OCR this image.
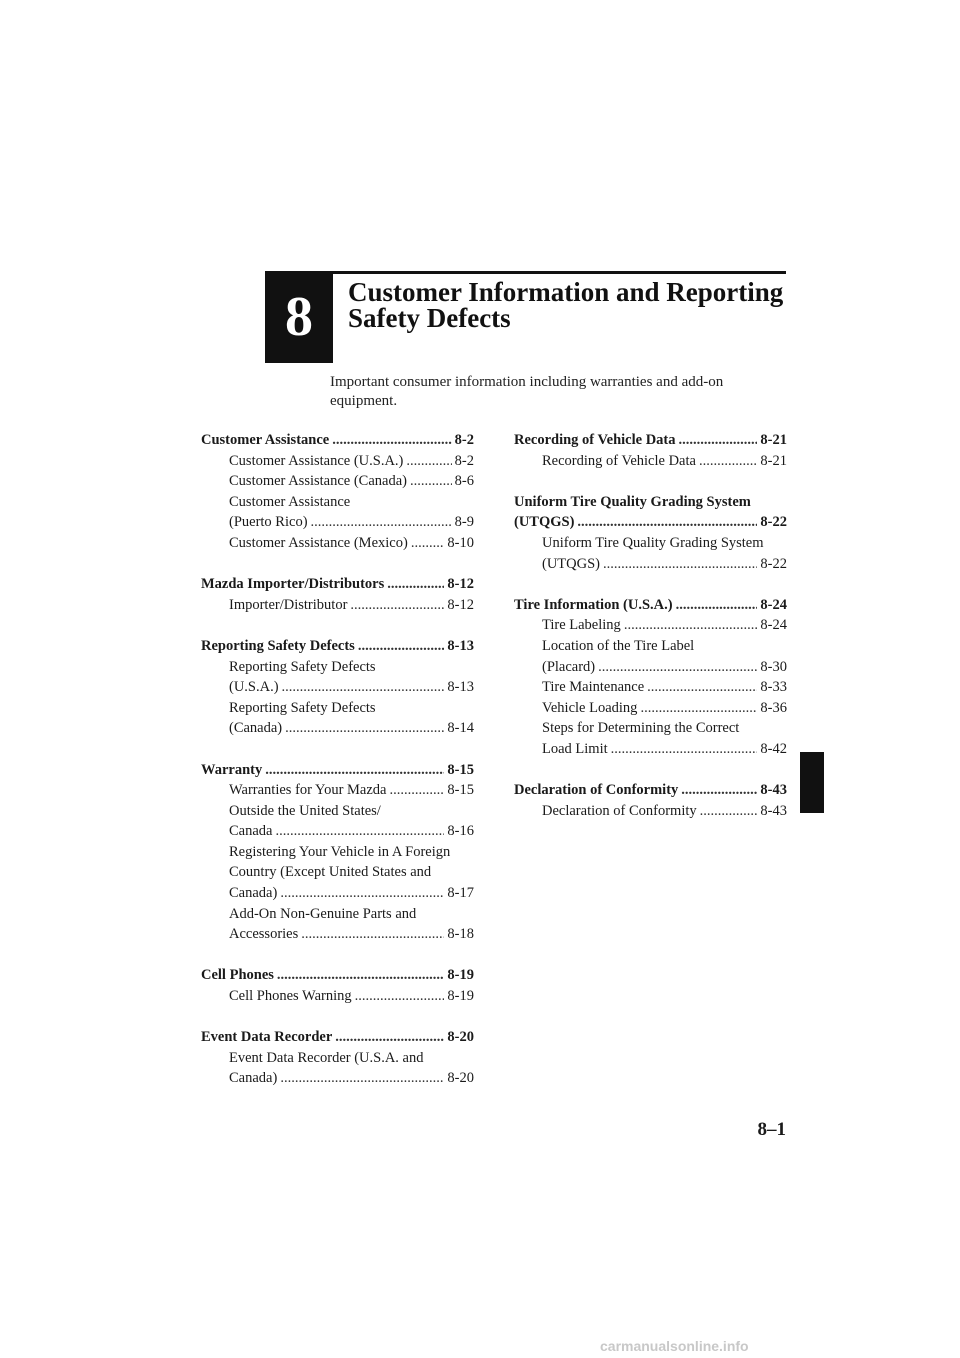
8 Customer Information and Reporting
Safety Defects
Important consumer information including warranties and add-on
equipment.
Customer Assistance .....	8-2
Customer Assistance (U.S.A.) .....	8-2
Customer Assistance (Canada) .....	8-6
Customer Assistance
(Puerto Rico) .....	8-9
Customer Assistance (Mexico) .....	8-10
Mazda Importer/Distributors .....	8-12
Importer/Distributor .....	8-12
Reporting Safety Defects .....	8-13
Reporting Safety Defects
(U.S.A.) .....	8-13
Reporting Safety Defects
(Canada) .....	8-14
Warranty .....	8-15
Warranties for Your Mazda .....	8-15
Outside the United States/
Canada .....	8-16
Registering Your Vehicle in A Foreign
Country (Except United States and
Canada) .....	8-17
Add-On Non-Genuine Parts and
Accessories .....	8-18
Cell Phones .....	8-19
Cell Phones Warning .....	8-19
Event Data Recorder .....	8-20
Event Data Recorder (U.S.A. and
Canada) .....	8-20
Recording of Vehicle Data .....	8-21
Recording of Vehicle Data .....	8-21
Uniform Tire Quality Grading System
(UTQGS) .....	8-22
Uniform Tire Quality Grading System
(UTQGS) .....	8-22
Tire Information (U.S.A.) .....	8-24
Tire Labeling .....	8-24
Location of the Tire Label
(Placard) .....	8-30
Tire Maintenance .....	8-33
Vehicle Loading .....	8-36
Steps for Determining the Correct
Load Limit .....	8-42
Declaration of Conformity .....	8-43
Declaration of Conformity .....	8-43
8–1
carmanualsonline.info
